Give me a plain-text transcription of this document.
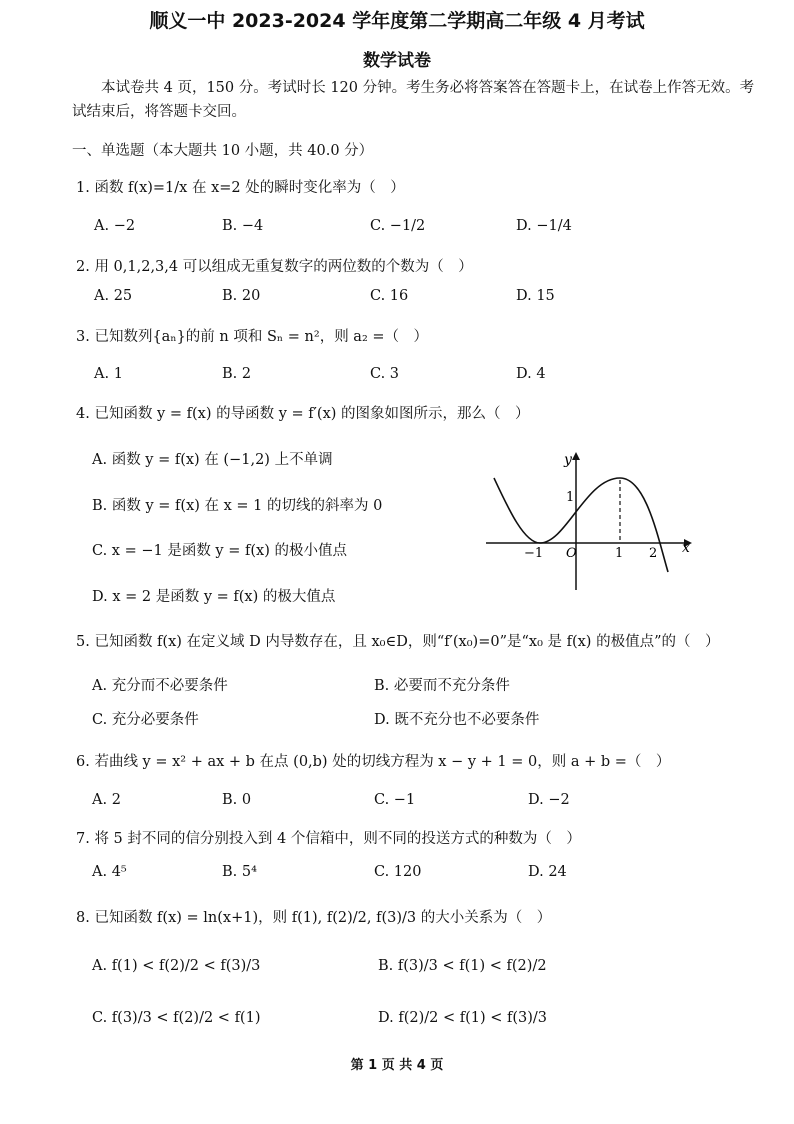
顺义一中 2023-2024 学年度第二学期高二年级 4 月考试
数学试卷
本试卷共 4 页，150 分。考试时长 120 分钟。考生务必将答案答在答题卡上，在试卷上作答无效。考试结束后，将答题卡交回。
一、单选题（本大题共 10 小题，共 40.0 分）
1. 函数 f(x)=1/x 在 x=2 处的瞬时变化率为（　）
A. −2	B. −4	C. −1/2	D. −1/4
2. 用 0,1,2,3,4 可以组成无重复数字的两位数的个数为（　）
A. 25	B. 20	C. 16	D. 15
3. 已知数列{aₙ}的前 n 项和 Sₙ = n²，则 a₂ =（　）
A. 1	B. 2	C. 3	D. 4
4. 已知函数 y = f(x) 的导函数 y = f′(x) 的图象如图所示，那么（　）
A. 函数 y = f(x) 在 (−1,2) 上不单调
B. 函数 y = f(x) 在 x = 1 的切线的斜率为 0
C. x = −1 是函数 y = f(x) 的极小值点
D. x = 2 是函数 y = f(x) 的极大值点
y
x
O
−1	1 2
1
5. 已知函数 f(x) 在定义域 D 内导数存在，且 x₀∈D，则“f′(x₀)=0”是“x₀ 是 f(x) 的极值点”的（　）
A. 充分而不必要条件	B. 必要而不充分条件
C. 充分必要条件	D. 既不充分也不必要条件
6. 若曲线 y = x² + ax + b 在点 (0,b) 处的切线方程为 x − y + 1 = 0，则 a + b =（　）
A. 2	B. 0	C. −1	D. −2
7. 将 5 封不同的信分别投入到 4 个信箱中，则不同的投送方式的种数为（　）
A. 4⁵	B. 5⁴	C. 120	D. 24
8. 已知函数 f(x) = ln(x+1)，则 f(1), f(2)/2, f(3)/3 的大小关系为（　）
A. f(1) < f(2)/2 < f(3)/3	B. f(3)/3 < f(1) < f(2)/2
C. f(3)/3 < f(2)/2 < f(1)	D. f(2)/2 < f(1) < f(3)/3
第 1 页 共 4 页
